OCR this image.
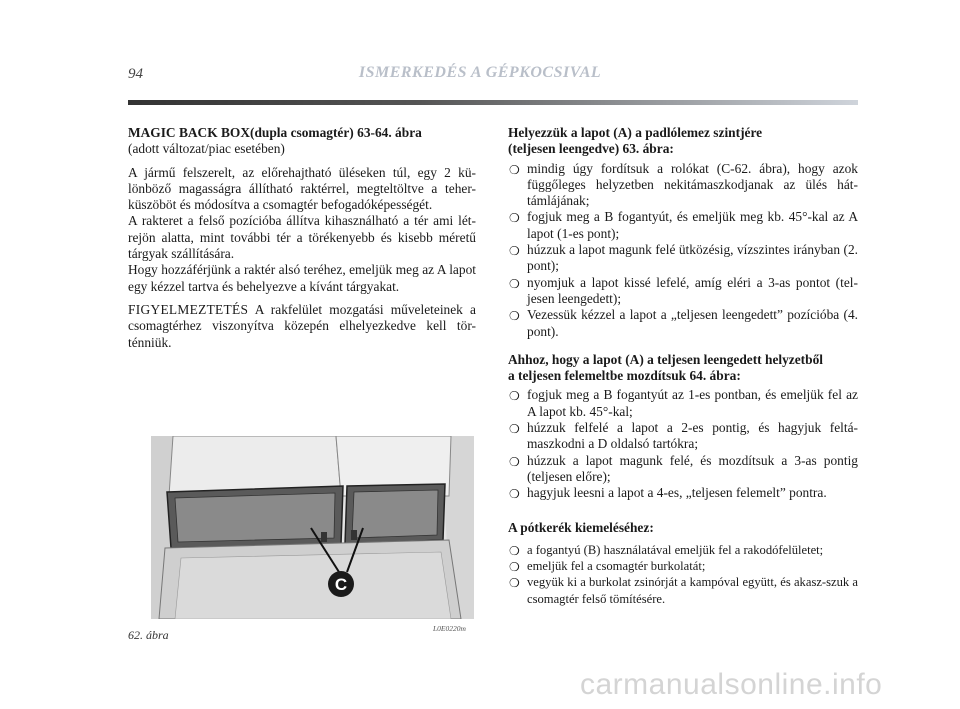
94	ISMERKEDÉS A GÉPKOCSIVAL

MAGIC BACK BOX(dupla csomagtér) 63-64. ábra

(adott változat/piac esetében)

A jármű felszerelt, az előrehajtható üléseken túl, egy 2 kü-lönböző magasságra állítható raktérrel, megteltöltve a teher-küszöböt és módosítva a csomagtér befogadóképességét.

A rakteret a felső pozícióba állítva kihasználható a tér ami lét-rejön alatta, mint további tér a törékenyebb és kisebb méretű tárgyak szállítására.

Hogy hozzáférjünk a raktér alsó teréhez, emeljük meg az A lapot egy kézzel tartva és behelyezve a kívánt tárgyakat.

FIGYELMEZTETÉS A rakfelület mozgatási műveleteinek a csomagtérhez viszonyítva közepén elhelyezkedve kell tör-ténniük.

C
62. ábra	L0E0220m

Helyezzük a lapot (A) a padlólemez szintjére

(teljesen leengedve) 63. ábra:

❍ mindig úgy fordítsuk a rolókat (C-62. ábra), hogy azok függőleges helyzetben nekitámaszkodjanak az ülés hát-támlájának;
❍ fogjuk meg a B fogantyút, és emeljük meg kb. 45°-kal az A lapot (1-es pont);
❍ húzzuk a lapot magunk felé ütközésig, vízszintes irányban (2. pont);
❍ nyomjuk a lapot kissé lefelé, amíg eléri a 3-as pontot (tel-jesen leengedett);
❍ Vezessük kézzel a lapot a „teljesen leengedett” pozícióba (4. pont).

Ahhoz, hogy a lapot (A) a teljesen leengedett helyzetből

a teljesen felemeltbe mozdítsuk 64. ábra:

❍ fogjuk meg a B fogantyút az 1-es pontban, és emeljük fel az A lapot kb. 45°-kal;
❍ húzzuk felfelé a lapot a 2-es pontig, és hagyjuk feltá-maszkodni a D oldalsó tartókra;
❍ húzzuk a lapot magunk felé, és mozdítsuk a 3-as pontig (teljesen előre);
❍ hagyjuk leesni a lapot a 4-es, „teljesen felemelt” pontra.

A pótkerék kiemeléséhez:

❍ a fogantyú (B) használatával emeljük fel a rakodófelületet;
❍ emeljük fel a csomagtér burkolatát;
❍ vegyük ki a burkolat zsinórját a kampóval együtt, és akasz-szuk a csomagtér felső tömítésére.
carmanualsonline.info
